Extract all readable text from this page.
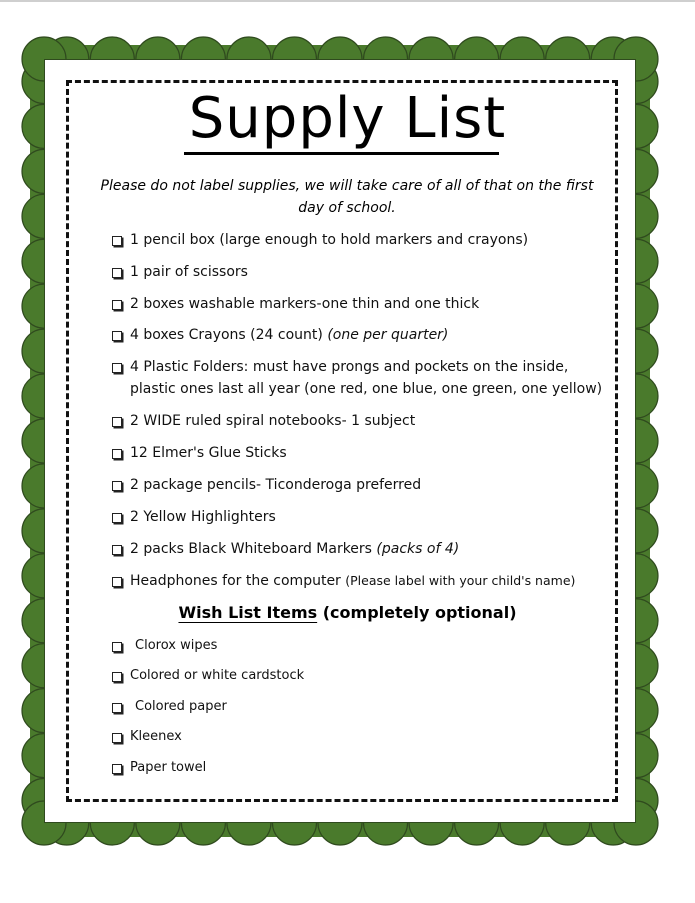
Supply List
Please do not label supplies, we will take care of all of that on the first day of school.
1 pencil box (large enough to hold markers and crayons)
1 pair of scissors
2 boxes washable markers-one thin and one thick
4 boxes Crayons (24 count) (one per quarter)
4 Plastic Folders: must have prongs and pockets on the inside,
plastic ones last all year (one red, one blue, one green, one yellow)
2 WIDE ruled spiral notebooks- 1 subject
12 Elmer's Glue Sticks
2 package pencils- Ticonderoga preferred
2 Yellow Highlighters
2 packs Black Whiteboard Markers (packs of 4)
Headphones for the computer (Please label with your child's name)
Wish List Items (completely optional)
Clorox wipes
Colored or white cardstock
Colored paper
Kleenex
Paper towel
